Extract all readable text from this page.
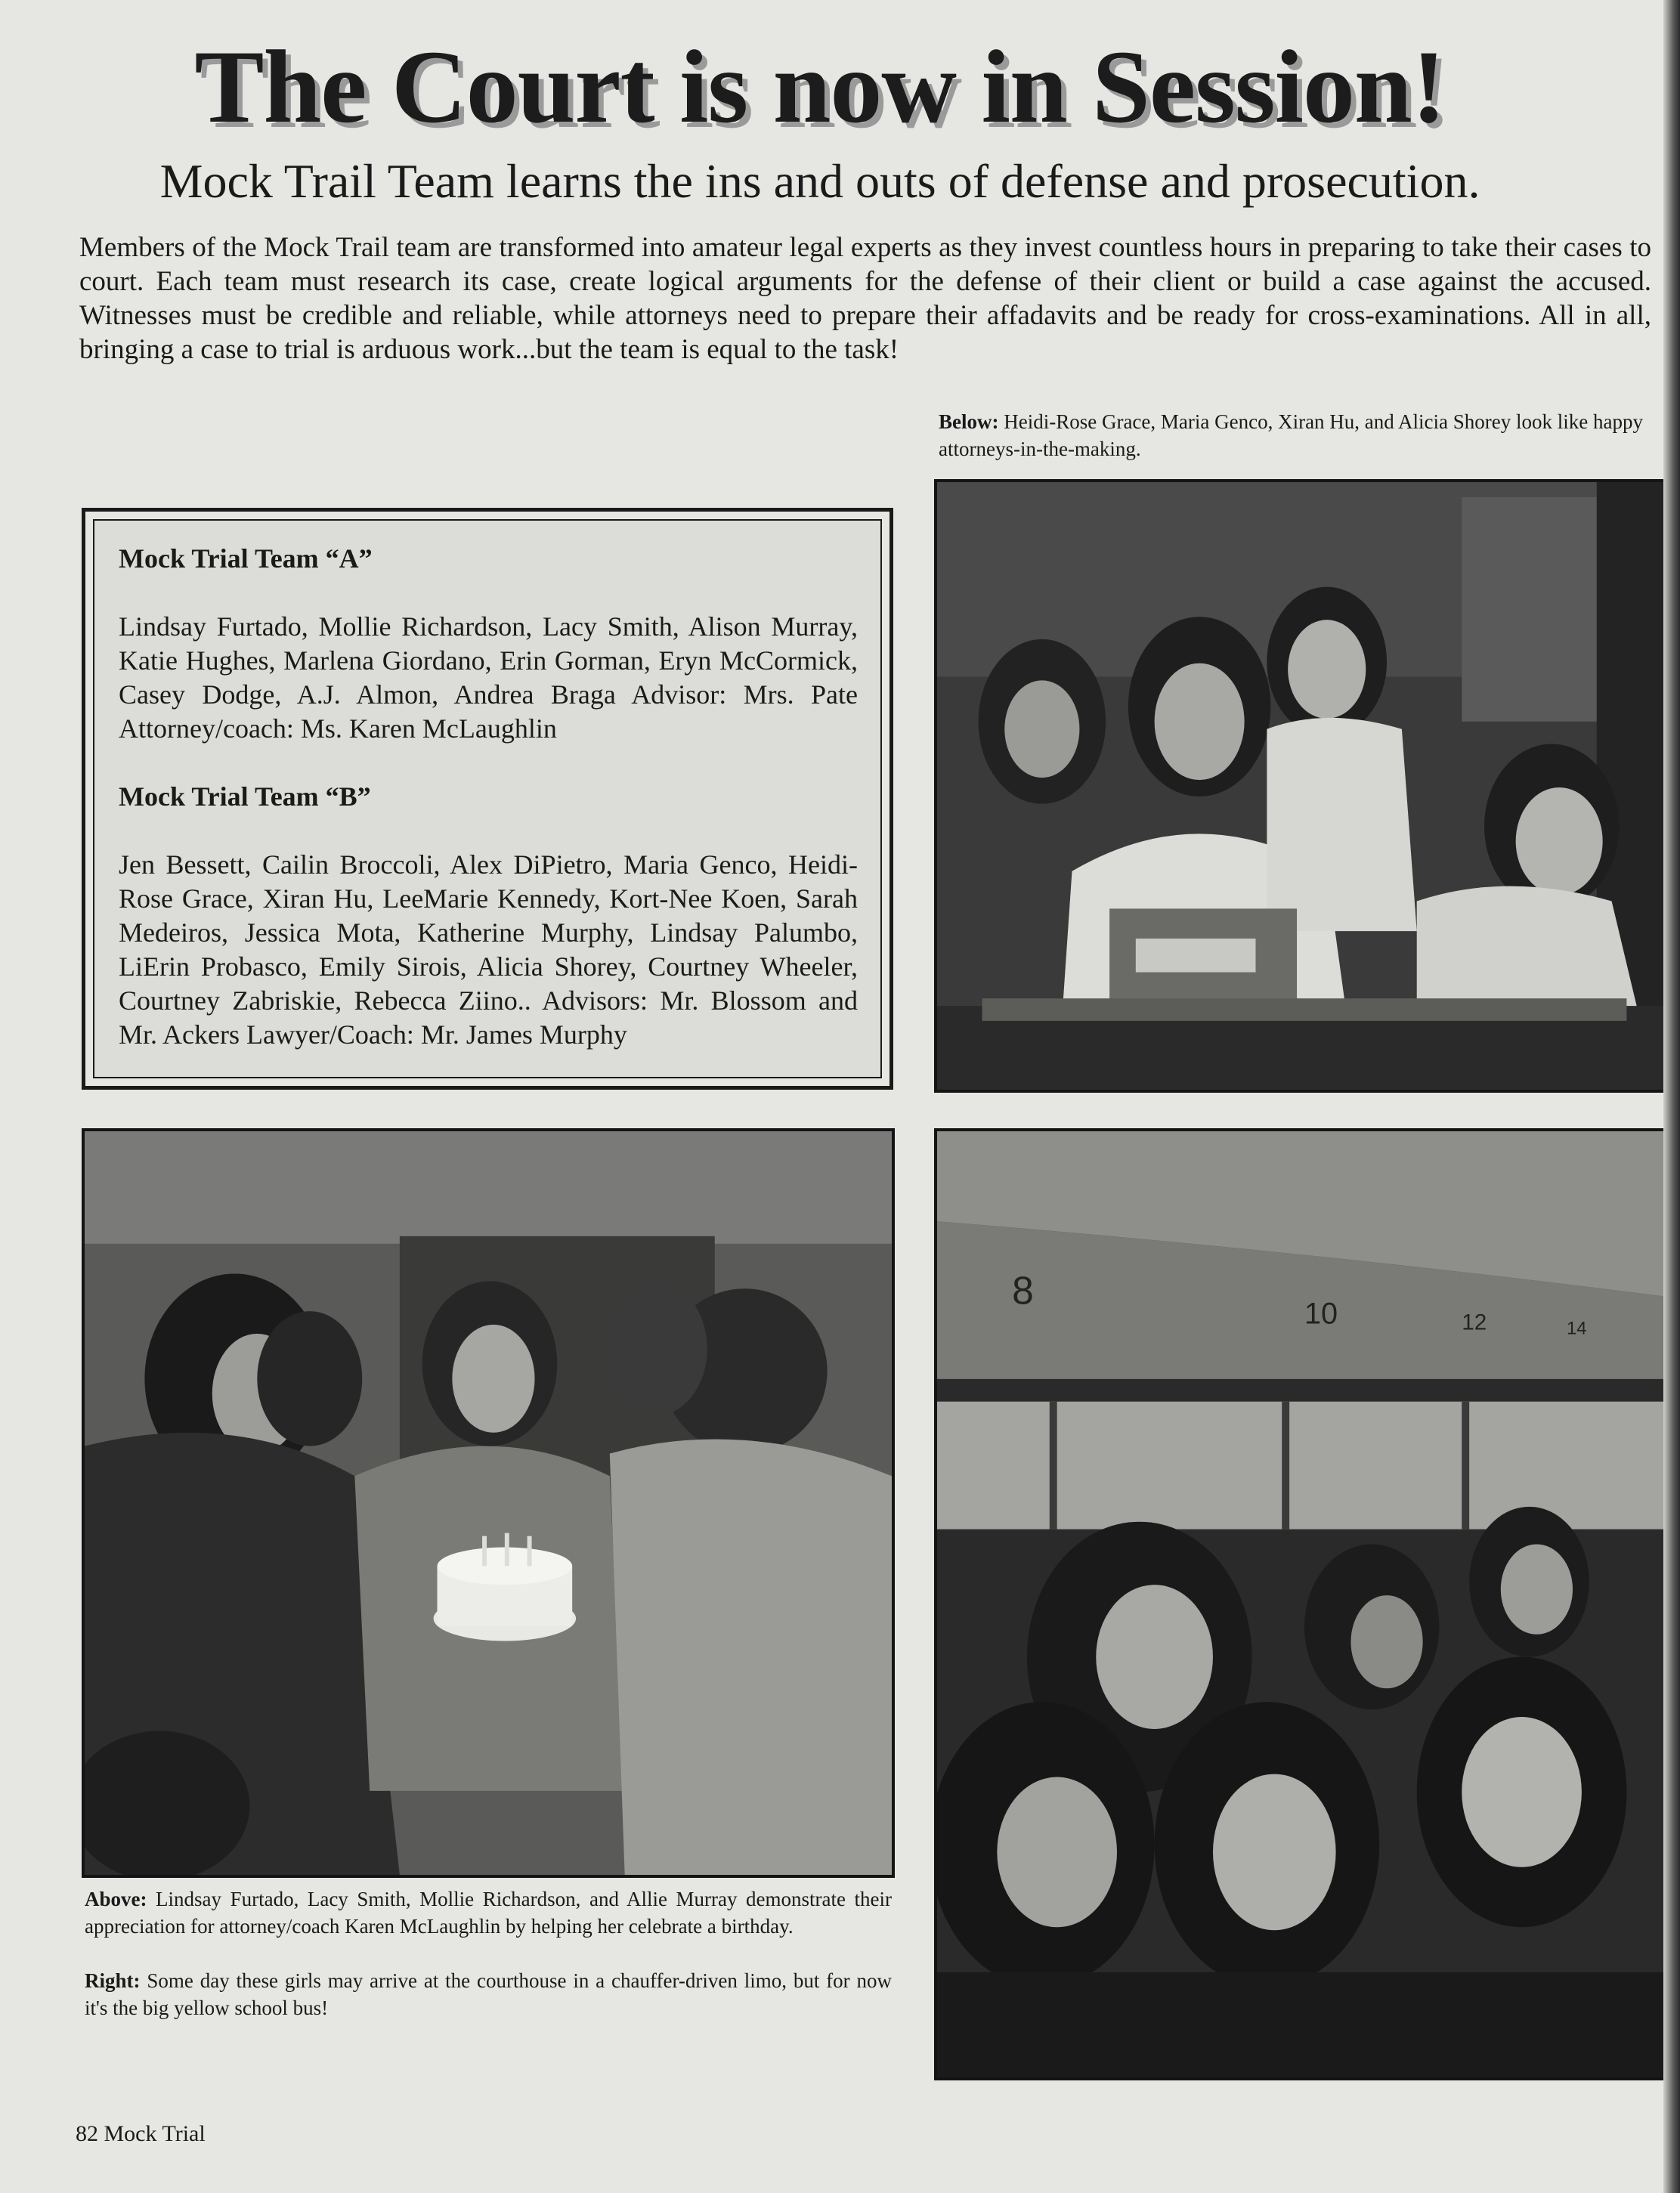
The Court is now in Session!
Mock Trail Team learns the ins and outs of defense and prosecution.
Members of the Mock Trail team are transformed into amateur legal experts as they invest countless hours in preparing to take their cases to court. Each team must research its case, create logical arguments for the defense of their client or build a case against the accused. Witnesses must be credible and reliable, while attorneys need to prepare their affadavits and be ready for cross-examinations. All in all, bringing a case to trial is arduous work...but the team is equal to the task!
Below: Heidi-Rose Grace, Maria Genco, Xiran Hu, and Alicia Shorey look like happy attorneys-in-the-making.

Mock Trial Team “A”

Lindsay Furtado, Mollie Richardson, Lacy Smith, Alison Murray, Katie Hughes, Marlena Giordano, Erin Gorman, Eryn McCormick, Casey Dodge, A.J. Almon, Andrea Braga Advisor: Mrs. Pate Attorney/coach: Ms. Karen McLaughlin

Mock Trial Team “B”

Jen Bessett, Cailin Broccoli, Alex DiPietro, Maria Genco, Heidi-Rose Grace, Xiran Hu, LeeMarie Kennedy, Kort-Nee Koen, Sarah Medeiros, Jessica Mota, Katherine Murphy, Lindsay Palumbo, LiErin Probasco, Emily Sirois, Alicia Shorey, Courtney Wheeler, Courtney Zabriskie, Rebecca Ziino.. Advisors: Mr. Blossom and Mr. Ackers Lawyer/Coach: Mr. James Murphy

8
10	12	14

Above: Lindsay Furtado, Lacy Smith, Mollie Richardson, and Allie Murray demonstrate their appreciation for attorney/coach Karen McLaughlin by helping her celebrate a birthday.

Right: Some day these girls may arrive at the courthouse in a chauffer-driven limo, but for now it's the big yellow school bus!

82 Mock Trial
